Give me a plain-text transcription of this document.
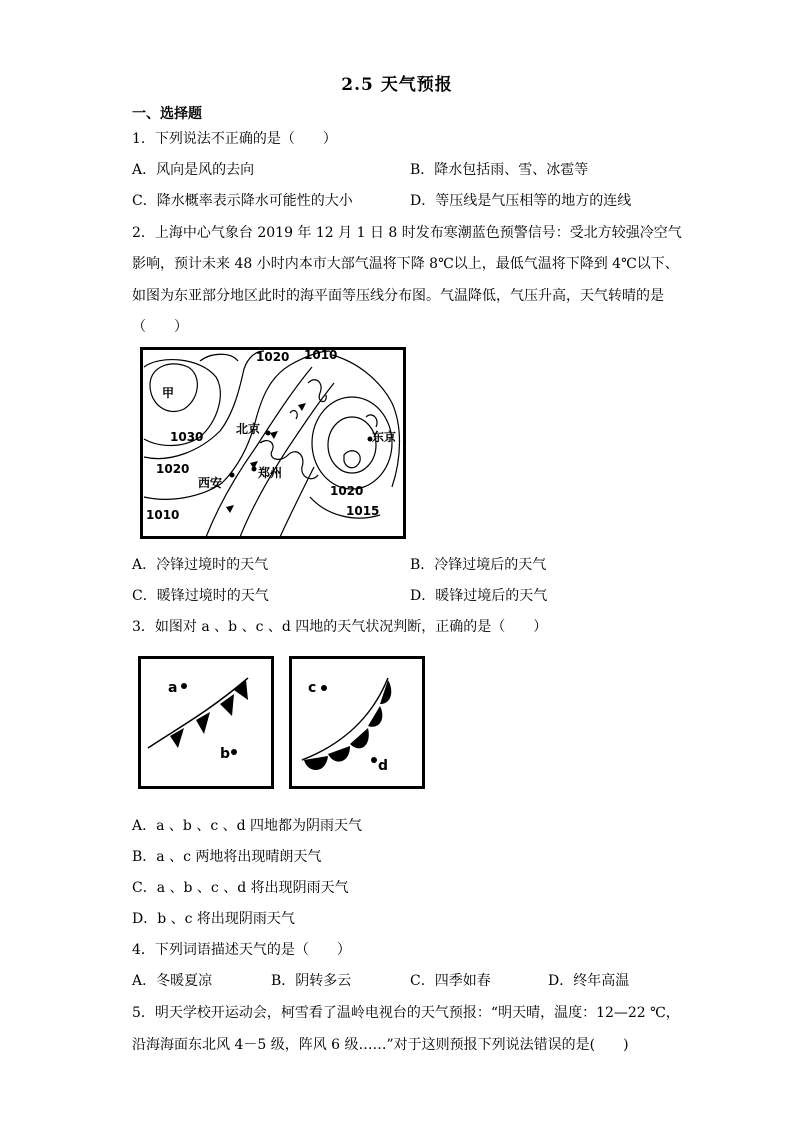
2.5 天气预报
一、选择题
1．下列说法不正确的是（　　）
A．风向是风的去向	B．降水包括雨、雪、冰雹等
C．降水概率表示降水可能性的大小	D．等压线是气压相等的地方的连线
2．上海中心气象台 2019 年 12 月 1 日 8 时发布寒潮蓝色预警信号：受北方较强冷空气
影响，预计未来 48 小时内本市大部气温将下降 8℃以上，最低气温将下降到 4℃以下、
如图为东亚部分地区此时的海平面等压线分布图。气温降低，气压升高，天气转晴的是
（　　）
甲
北京
郑州
西安
东京
1020 1010
1030
1020
1010
1020
1015
A．冷锋过境时的天气	B．冷锋过境后的天气
C．暖锋过境时的天气	D．暖锋过境后的天气
3．如图对 a 、b 、c 、d 四地的天气状况判断，正确的是（　　）
a
b
c
d
A．a 、b 、c 、d 四地都为阴雨天气
B．a 、c 两地将出现晴朗天气
C．a 、b 、c 、d 将出现阴雨天气
D．b 、c 将出现阴雨天气
4．下列词语描述天气的是（　　）
A．冬暖夏凉	B．阴转多云	C．四季如春	D．终年高温
5．明天学校开运动会，柯雪看了温岭电视台的天气预报：“明天晴，温度：12—22 ℃，
沿海海面东北风 4－5 级，阵风 6 级……”对于这则预报下列说法错误的是(　　)
